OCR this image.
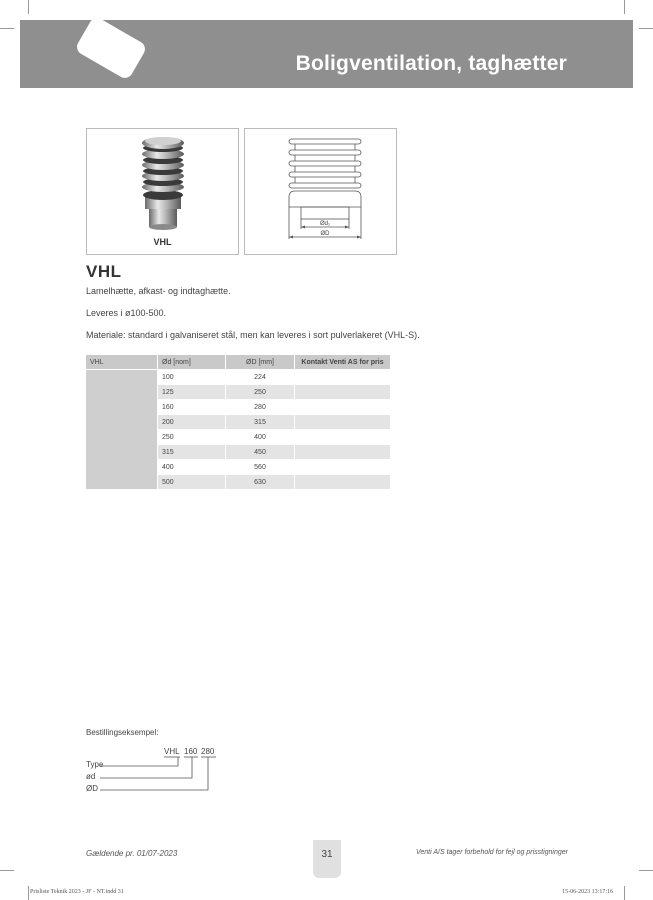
Boligventilation, taghætter
VHL
Ød₁
ØD
VHL
Lamelhætte, afkast- og indtaghætte.
Leveres i ø100-500.
Materiale: standard i galvaniseret stål, men kan leveres i sort pulverlakeret (VHL-S).
VHL	Ød [nom]	ØD [mm]	Kontakt Venti AS for pris
	100	224	
	125	250	
	160	280	
	200	315	
	250	400	
	315	450	
	400	560	
	500	630	
Bestillingseksempel:
VHL 160 280
Type
ød
ØD
Gældende pr. 01/07-2023	31	Venti A/S tager forbehold for fejl og prisstigninger
Prisliste Teknik 2023 - JF - NT.indd 31	15-06-2023 13:17:16
